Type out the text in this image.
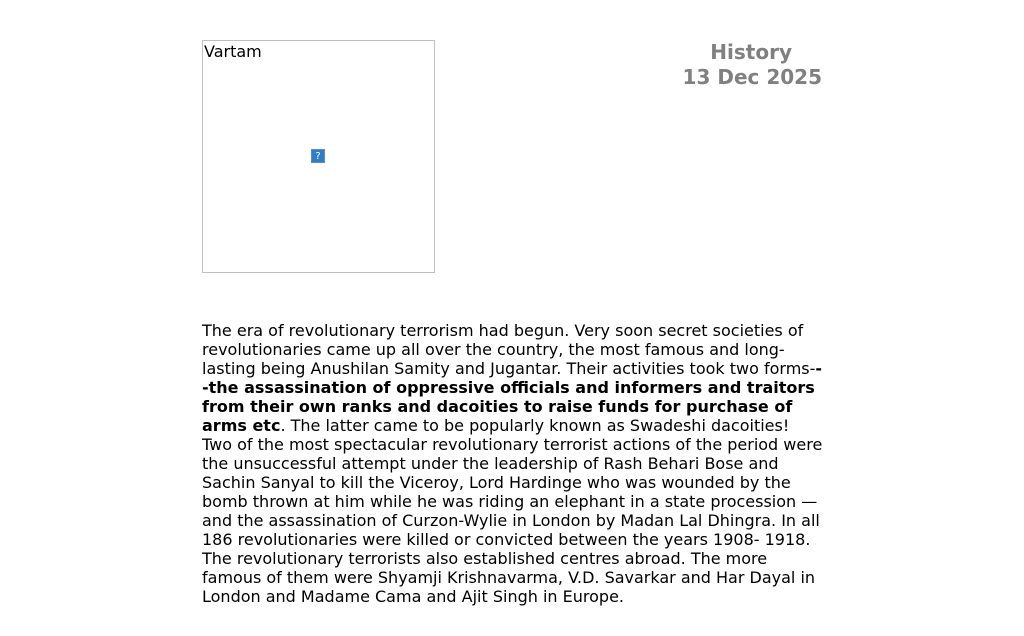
Vartam
?
History
13 Dec 2025

The era of revolutionary terrorism had begun. Very soon secret societies of revolutionaries came up all over the country, the most famous and long-lasting being Anushilan Samity and Jugantar. Their activities took two forms---the assassination of oppressive officials and informers and traitors from their own ranks and dacoities to raise funds for purchase of arms etc. The latter came to be popularly known as Swadeshi dacoities! Two of the most spectacular revolutionary terrorist actions of the period were the unsuccessful attempt under the leadership of Rash Behari Bose and Sachin Sanyal to kill the Viceroy, Lord Hardinge who was wounded by the bomb thrown at him while he was riding an elephant in a state procession — and the assassination of Curzon-Wylie in London by Madan Lal Dhingra. In all 186 revolutionaries were killed or convicted between the years 1908- 1918. The revolutionary terrorists also established centres abroad. The more famous of them were Shyamji Krishnavarma, V.D. Savarkar and Har Dayal in London and Madame Cama and Ajit Singh in Europe.
